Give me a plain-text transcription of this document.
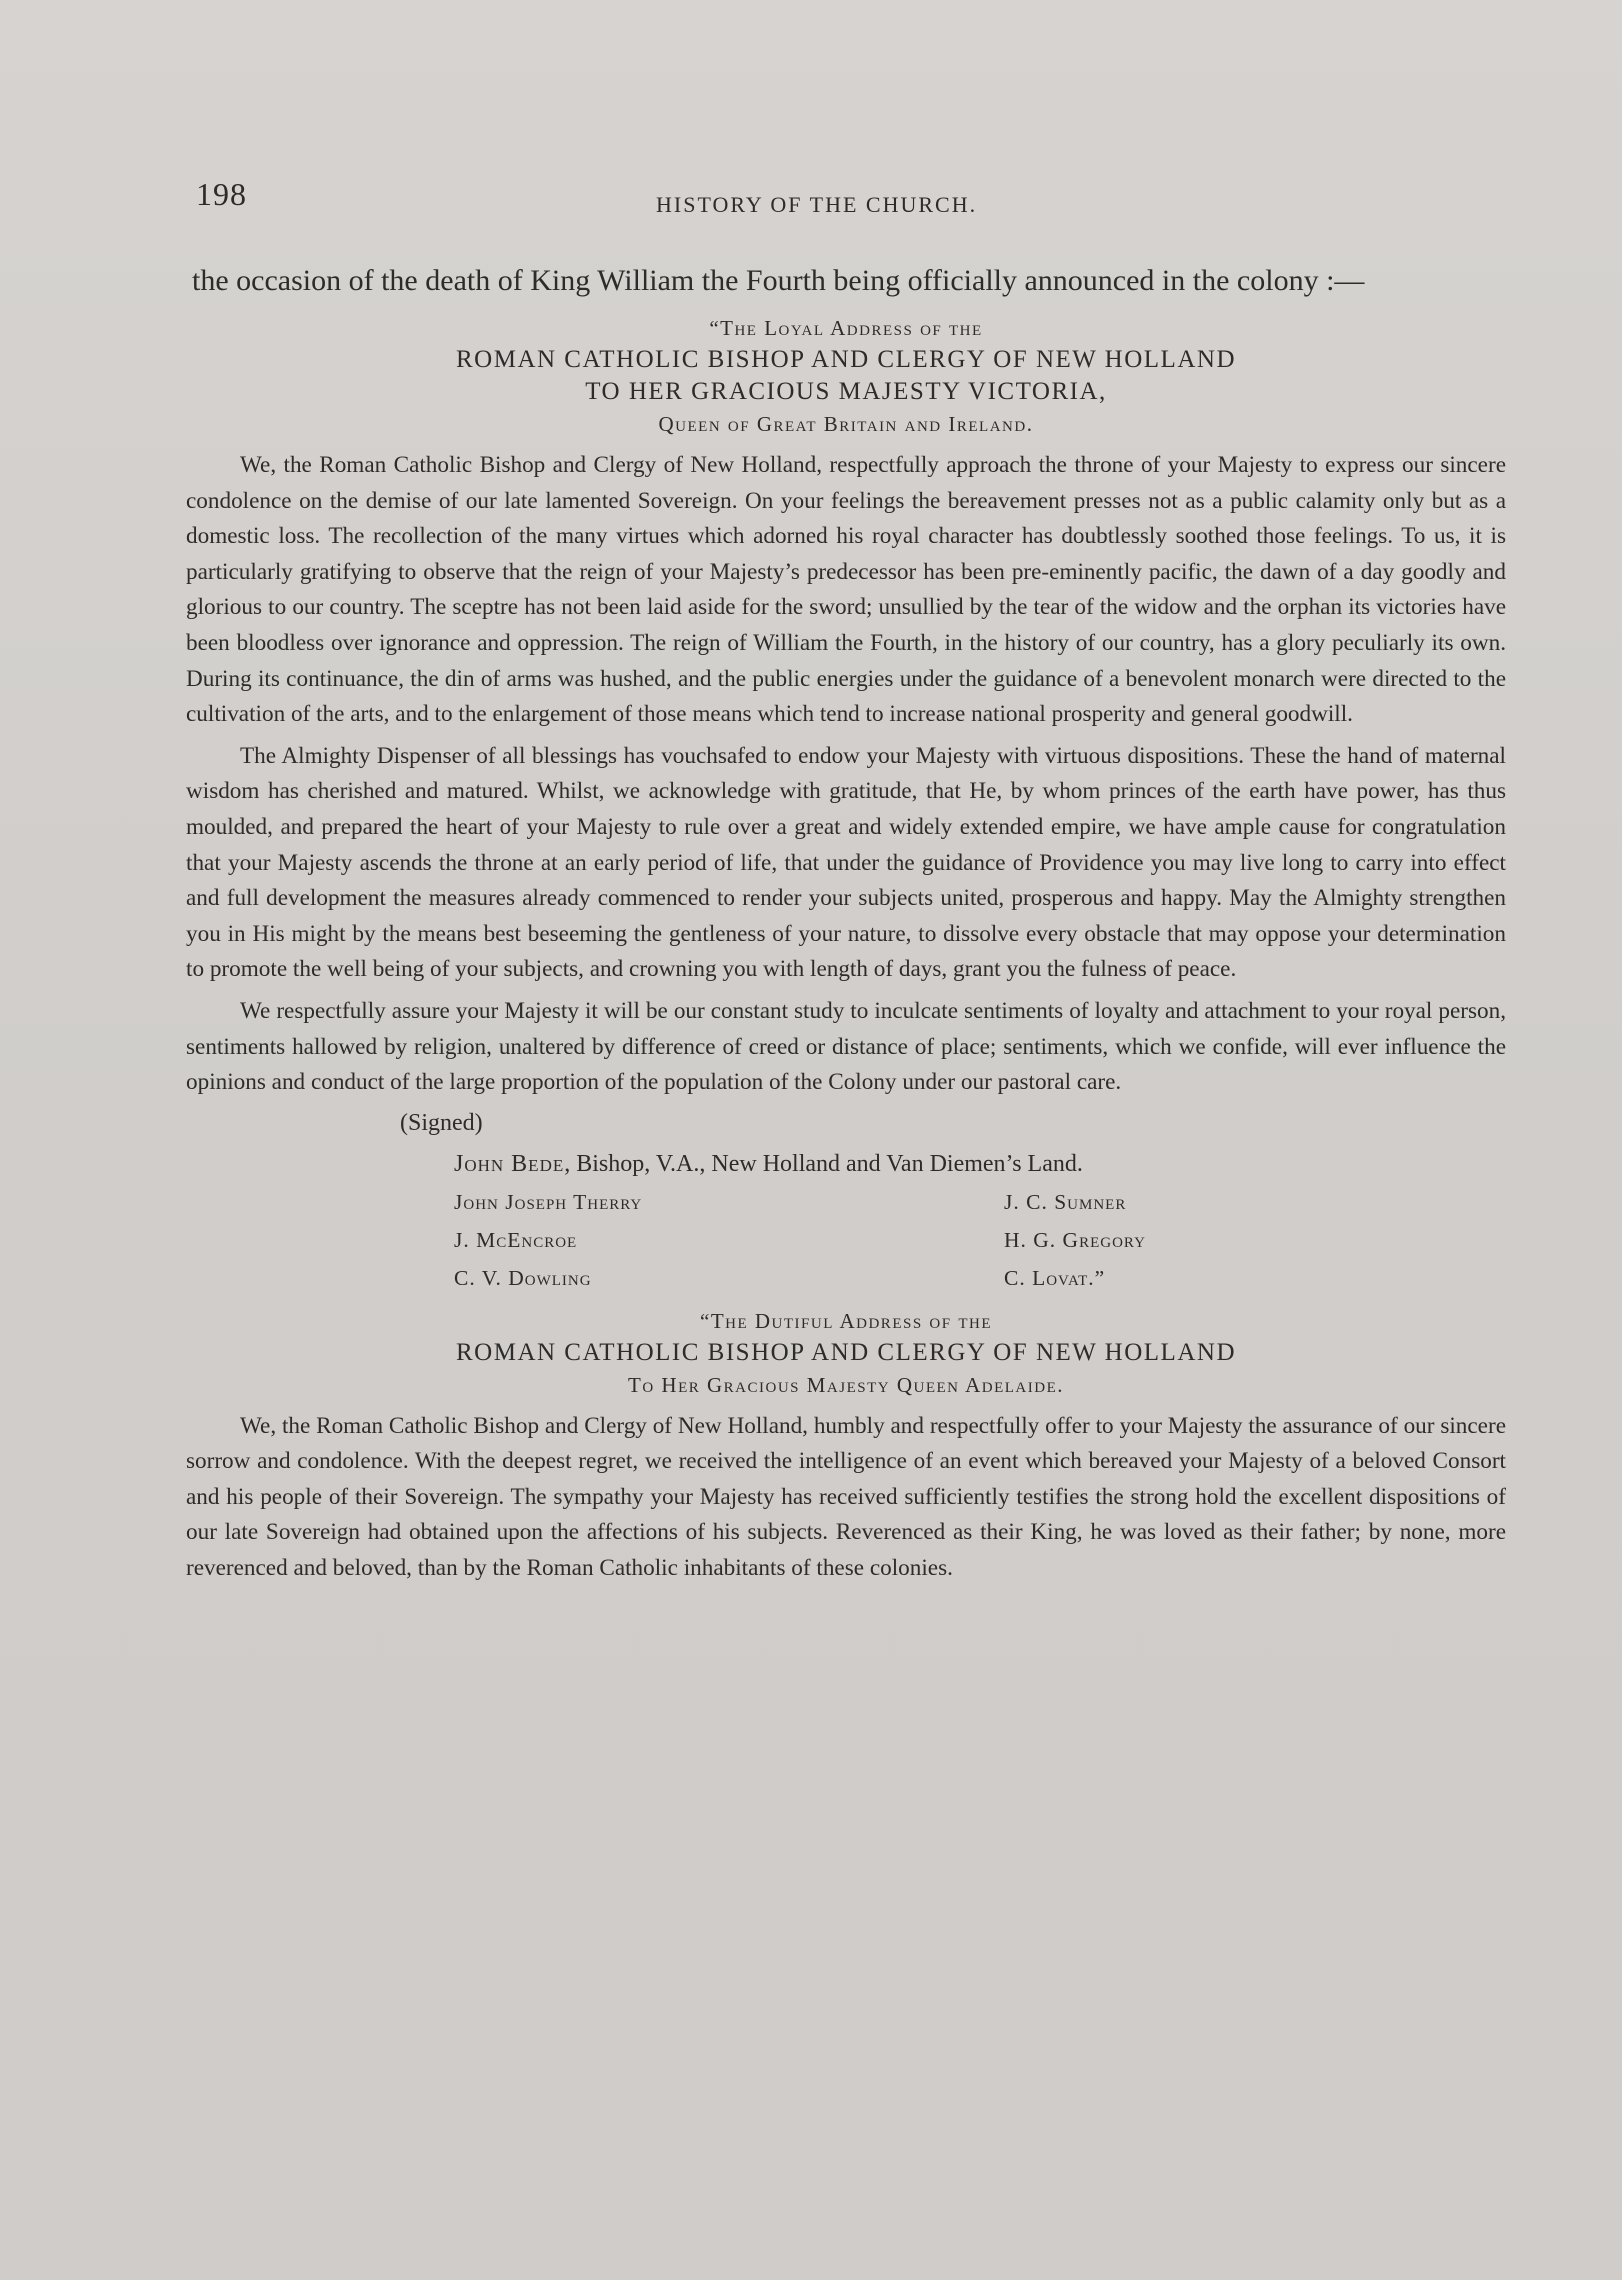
198	HISTORY OF THE CHURCH.

the occasion of the death of King William the Fourth being officially announced in the colony :—

“The Loyal Address of the

ROMAN CATHOLIC BISHOP AND CLERGY OF NEW HOLLAND

TO HER GRACIOUS MAJESTY VICTORIA,

Queen of Great Britain and Ireland.

We, the Roman Catholic Bishop and Clergy of New Holland, respectfully approach the throne of your Majesty to express our sincere condolence on the demise of our late lamented Sovereign. On your feelings the bereavement presses not as a public calamity only but as a domestic loss. The recollection of the many virtues which adorned his royal character has doubtlessly soothed those feelings. To us, it is particularly gratifying to observe that the reign of your Majesty’s predecessor has been pre-eminently pacific, the dawn of a day goodly and glorious to our country. The sceptre has not been laid aside for the sword; unsullied by the tear of the widow and the orphan its victories have been bloodless over ignorance and oppression. The reign of William the Fourth, in the history of our country, has a glory peculiarly its own. During its continuance, the din of arms was hushed, and the public energies under the guidance of a benevolent monarch were directed to the cultivation of the arts, and to the enlargement of those means which tend to increase national prosperity and general goodwill.

The Almighty Dispenser of all blessings has vouchsafed to endow your Majesty with virtuous dispositions. These the hand of maternal wisdom has cherished and matured. Whilst, we acknowledge with gratitude, that He, by whom princes of the earth have power, has thus moulded, and prepared the heart of your Majesty to rule over a great and widely extended empire, we have ample cause for congratulation that your Majesty ascends the throne at an early period of life, that under the guidance of Providence you may live long to carry into effect and full development the measures already commenced to render your subjects united, prosperous and happy. May the Almighty strengthen you in His might by the means best beseeming the gentleness of your nature, to dissolve every obstacle that may oppose your determination to promote the well being of your subjects, and crowning you with length of days, grant you the fulness of peace.

We respectfully assure your Majesty it will be our constant study to inculcate sentiments of loyalty and attachment to your royal person, sentiments hallowed by religion, unaltered by difference of creed or distance of place; sentiments, which we confide, will ever influence the opinions and conduct of the large proportion of the population of the Colony under our pastoral care.

(Signed)
John Bede, Bishop, V.A., New Holland and Van Diemen’s Land.
John Joseph Therry	J. C. Sumner
J. McEncroe	H. G. Gregory
C. V. Dowling	C. Lovat.”

“The Dutiful Address of the

ROMAN CATHOLIC BISHOP AND CLERGY OF NEW HOLLAND

To Her Gracious Majesty Queen Adelaide.

We, the Roman Catholic Bishop and Clergy of New Holland, humbly and respectfully offer to your Majesty the assurance of our sincere sorrow and condolence. With the deepest regret, we received the intelligence of an event which bereaved your Majesty of a beloved Consort and his people of their Sovereign. The sympathy your Majesty has received sufficiently testifies the strong hold the excellent dispositions of our late Sovereign had obtained upon the affections of his subjects. Reverenced as their King, he was loved as their father; by none, more reverenced and beloved, than by the Roman Catholic inhabitants of these colonies.
